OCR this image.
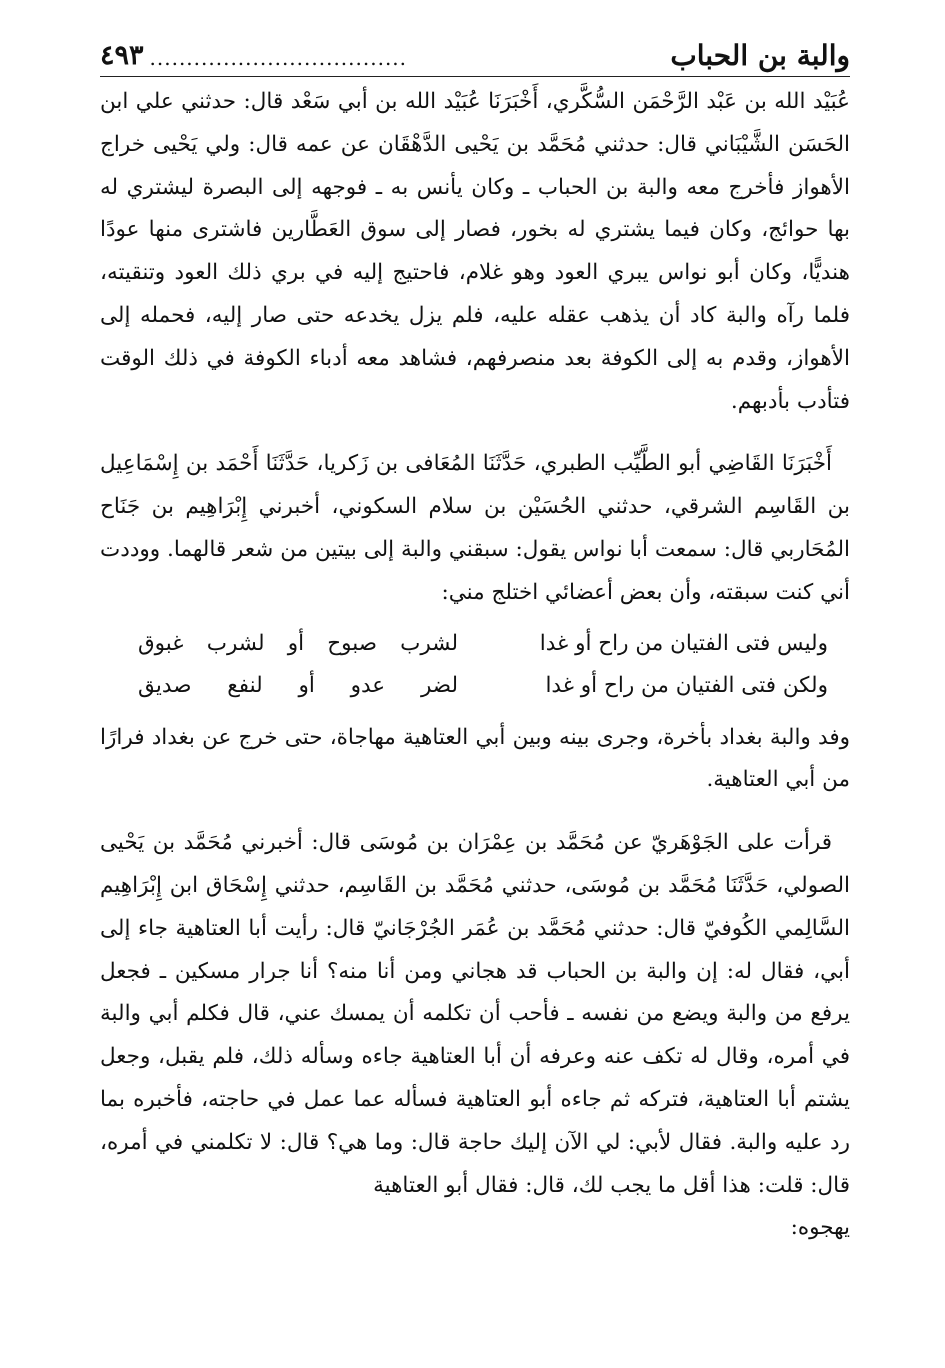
والبة بن الحباب
...................................
٤٩٣

عُبَيْد الله بن عَبْد الرَّحْمَن السُّكَّري، أَخْبَرَنَا عُبَيْد الله بن أبي سَعْد قال: حدثني علي ابن الحَسَن الشَّيْبَاني قال: حدثني مُحَمَّد بن يَحْيى الدَّهْقَان عن عمه قال: ولي يَحْيى خراج الأهواز فأخرج معه والبة بن الحباب ـ وكان يأنس به ـ فوجهه إلى البصرة ليشتري له بها حوائج، وكان فيما يشتري له بخور، فصار إلى سوق العَطَّارين فاشترى منها عودًا هنديًّا، وكان أبو نواس يبري العود وهو غلام، فاحتيج إليه في بري ذلك العود وتنقيته، فلما رآه والبة كاد أن يذهب عقله عليه، فلم يزل يخدعه حتى صار إليه، فحمله إلى الأهواز، وقدم به إلى الكوفة بعد منصرفهم، فشاهد معه أدباء الكوفة في ذلك الوقت فتأدب بأدبهم.

أَخْبَرَنَا القَاضِي أبو الطَّيِّب الطبري، حَدَّثَنَا المُعَافى بن زَكريا، حَدَّثَنَا أَحْمَد بن إِسْمَاعِيل بن القَاسِم الشرقي، حدثني الحُسَيْن بن سلام السكوني، أخبرني إِبْرَاهِيم بن جَنَاح المُحَاربي قال: سمعت أبا نواس يقول: سبقني والبة إلى بيتين من شعر قالهما. ووددت أني كنت سبقته، وأن بعض أعضائي اختلج مني:

وليس فتى الفتيان من راح أو غدا
لشرب صبوح أو لشرب غبوق
ولكن فتى الفتيان من راح أو غدا
لضر عدو أو لنفع صديق

وفد والبة بغداد بأخرة، وجرى بينه وبين أبي العتاهية مهاجاة، حتى خرج عن بغداد فرارًا من أبي العتاهية.

قرأت على الجَوْهَريّ عن مُحَمَّد بن عِمْرَان بن مُوسَى قال: أخبرني مُحَمَّد بن يَحْيى الصولي، حَدَّثَنَا مُحَمَّد بن مُوسَى، حدثني مُحَمَّد بن القَاسِم، حدثني إِسْحَاق ابن إِبْرَاهِيم السَّالِمي الكُوفيّ قال: حدثني مُحَمَّد بن عُمَر الجُرْجَانيّ قال: رأيت أبا العتاهية جاء إلى أبي، فقال له: إن والبة بن الحباب قد هجاني ومن أنا منه؟ أنا جرار مسكين ـ فجعل يرفع من والبة ويضع من نفسه ـ فأحب أن تكلمه أن يمسك عني، قال فكلم أبي والبة في أمره، وقال له تكف عنه وعرفه أن أبا العتاهية جاءه وسأله ذلك، فلم يقبل، وجعل يشتم أبا العتاهية، فتركه ثم جاءه أبو العتاهية فسأله عما عمل في حاجته، فأخبره بما رد عليه والبة. فقال لأبي: لي الآن إليك حاجة قال: وما هي؟ قال: لا تكلمني في أمره، قال: قلت: هذا أقل ما يجب لك، قال: فقال أبو العتاهية

يهجوه:
